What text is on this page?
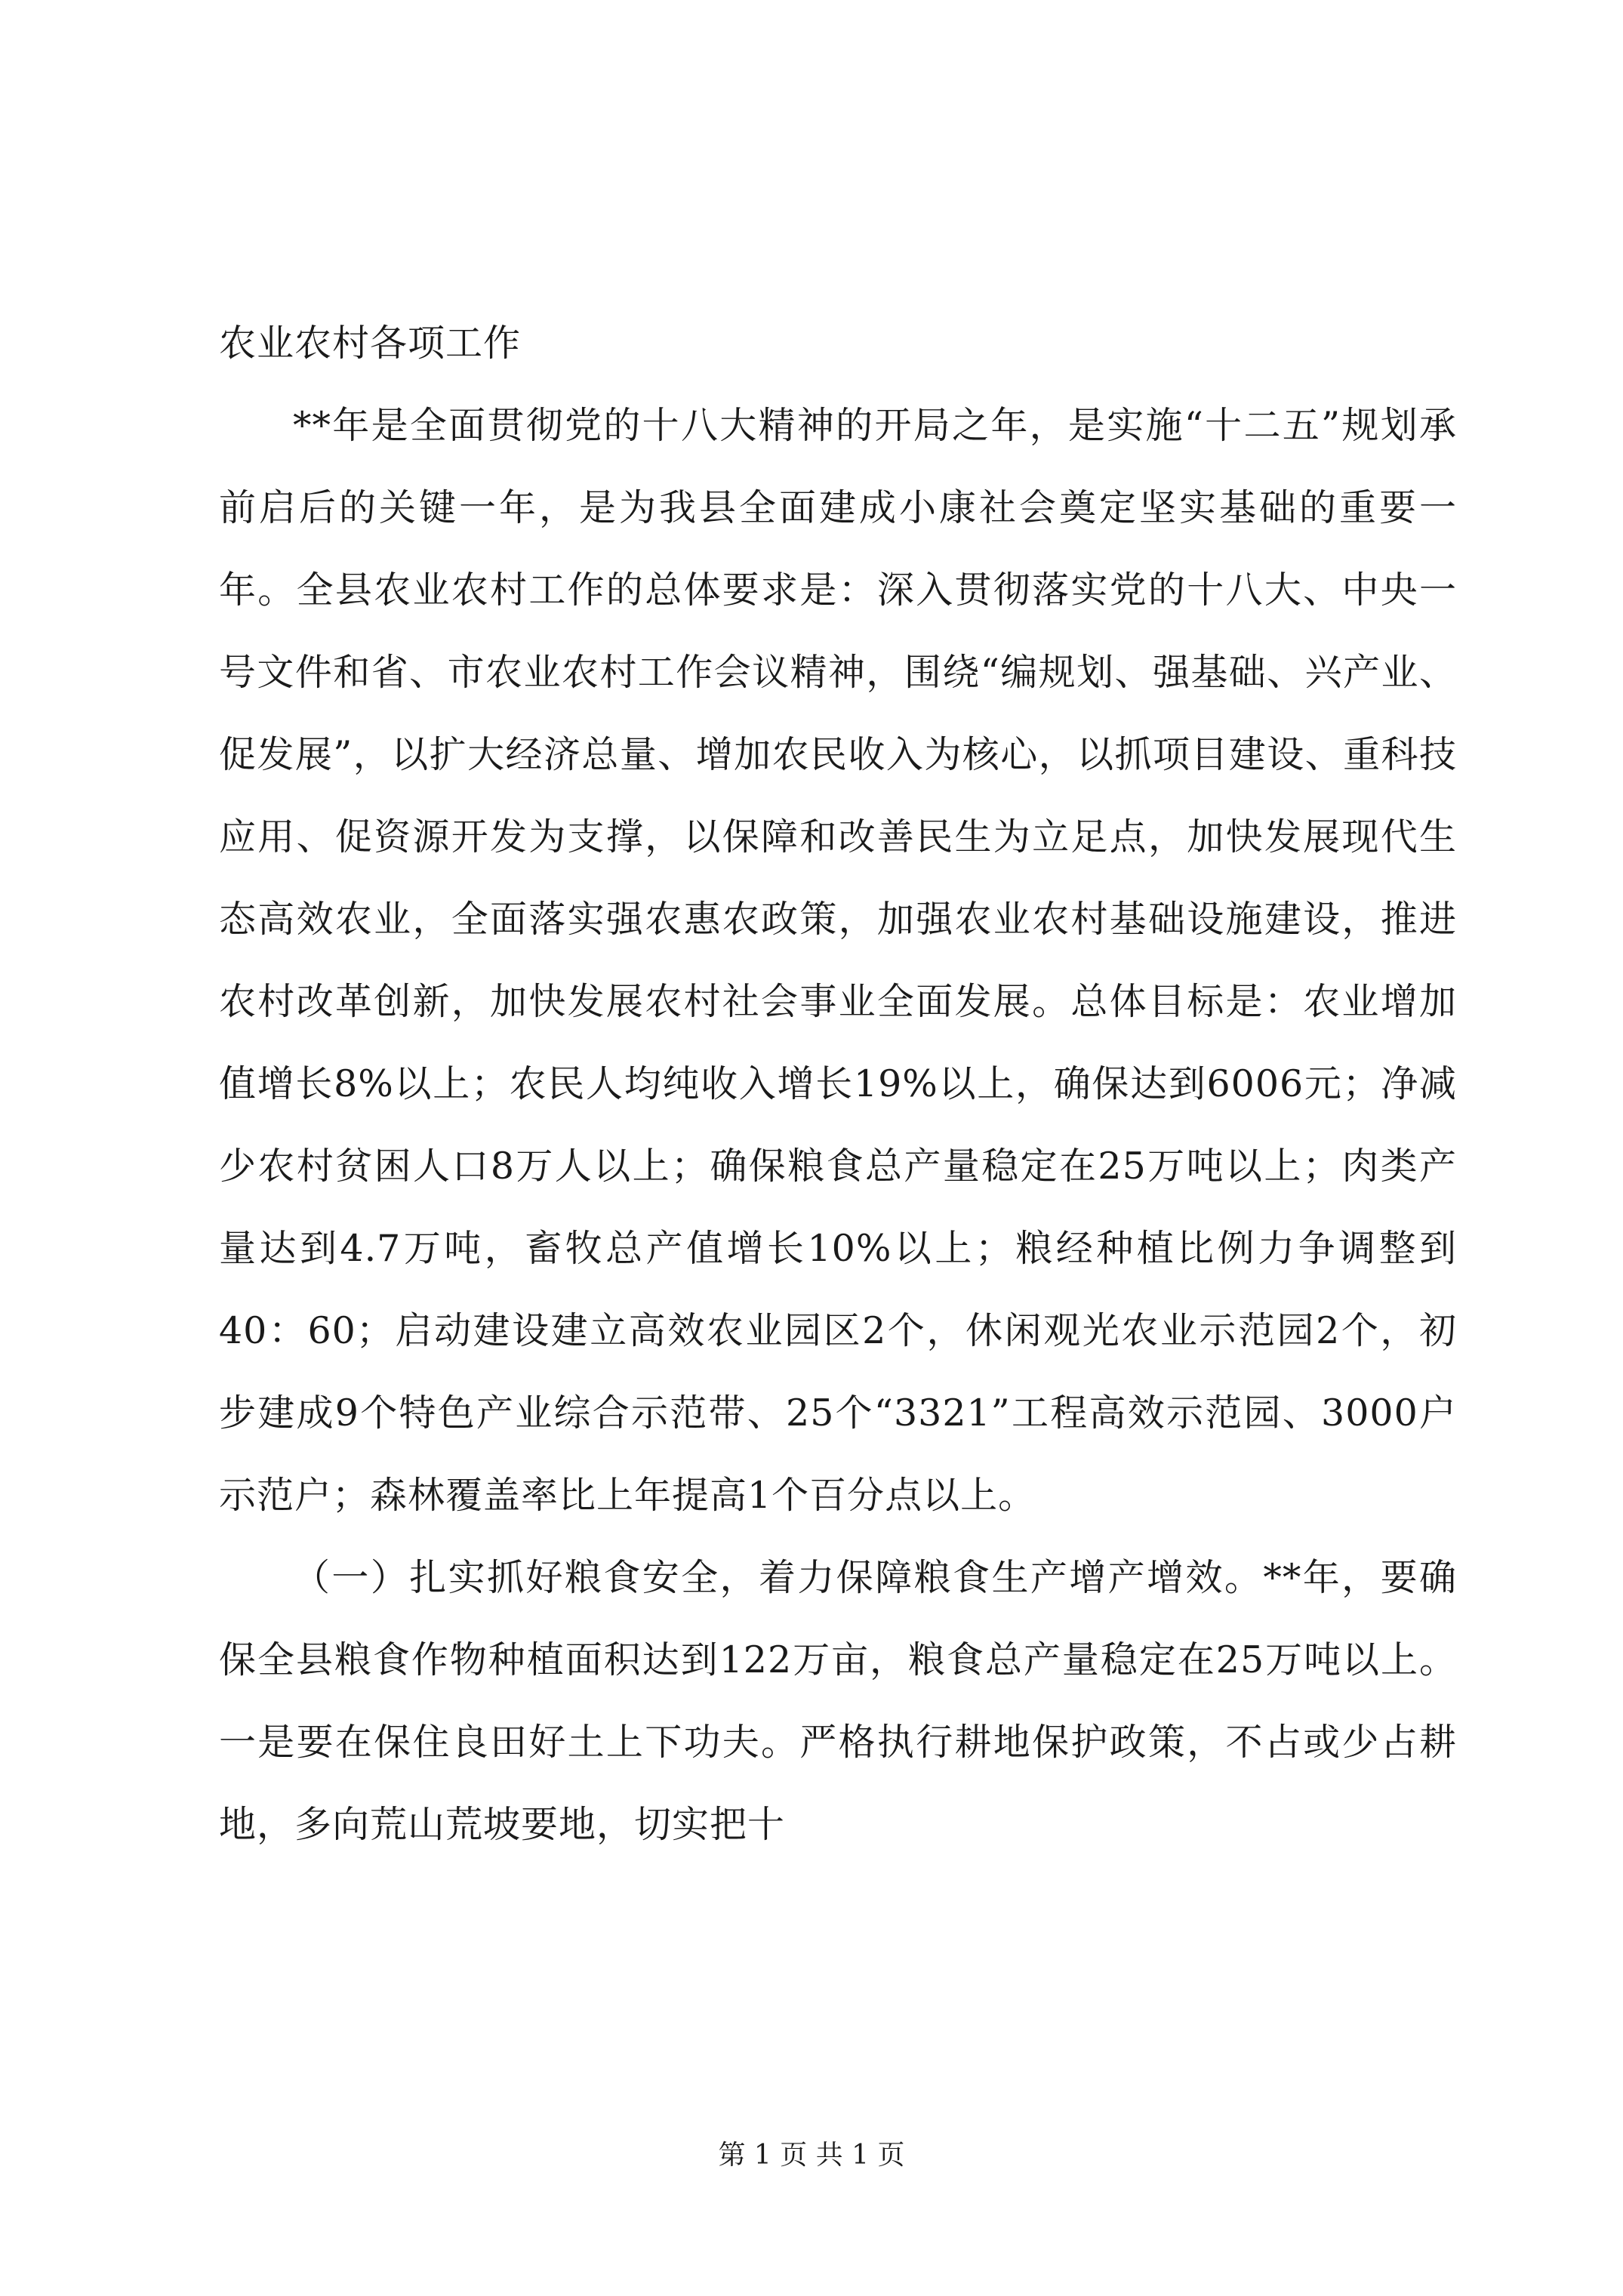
农业农村各项工作

**年是全面贯彻党的十八大精神的开局之年，是实施“十二五”规划承前启后的关键一年，是为我县全面建成小康社会奠定坚实基础的重要一年。全县农业农村工作的总体要求是：深入贯彻落实党的十八大、中央一号文件和省、市农业农村工作会议精神，围绕“编规划、强基础、兴产业、促发展”，以扩大经济总量、增加农民收入为核心，以抓项目建设、重科技应用、促资源开发为支撑，以保障和改善民生为立足点，加快发展现代生态高效农业，全面落实强农惠农政策，加强农业农村基础设施建设，推进农村改革创新，加快发展农村社会事业全面发展。总体目标是：农业增加值增长8%以上；农民人均纯收入增长19%以上，确保达到6006元；净减少农村贫困人口8万人以上；确保粮食总产量稳定在25万吨以上；肉类产量达到4.7万吨，畜牧总产值增长10%以上；粮经种植比例力争调整到40：60；启动建设建立高效农业园区2个，休闲观光农业示范园2个，初步建成9个特色产业综合示范带、25个“3321”工程高效示范园、3000户示范户；森林覆盖率比上年提高1个百分点以上。

（一）扎实抓好粮食安全，着力保障粮食生产增产增效。**年，要确保全县粮食作物种植面积达到122万亩，粮食总产量稳定在25万吨以上。一是要在保住良田好土上下功夫。严格执行耕地保护政策，不占或少占耕地，多向荒山荒坡要地，切实把十

第 1 页 共 1 页
